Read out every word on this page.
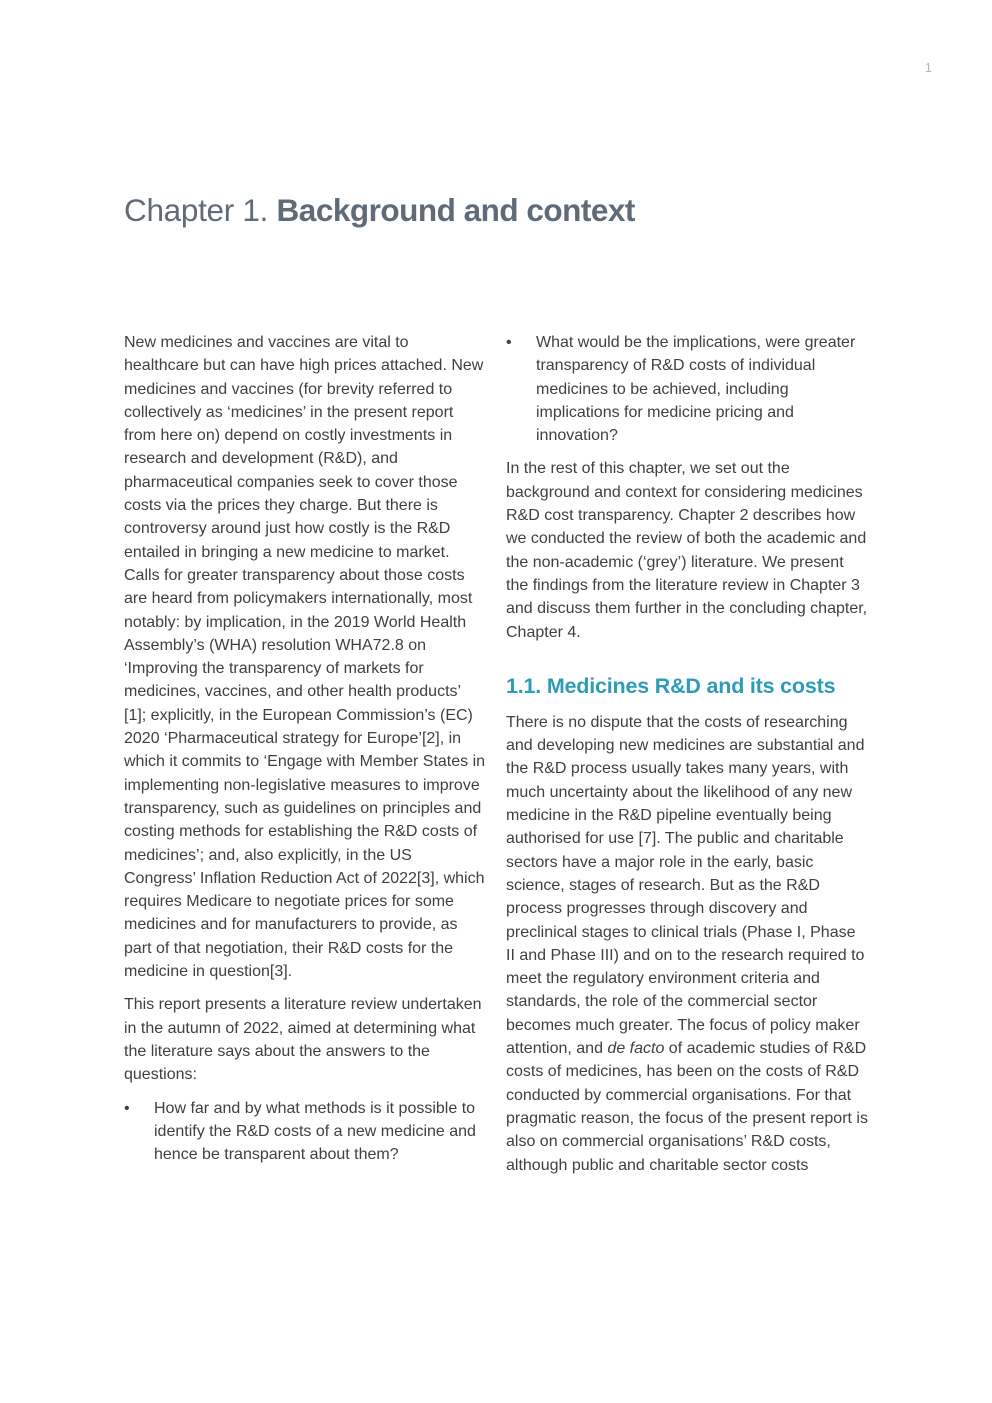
1
Chapter 1. Background and context

New medicines and vaccines are vital to healthcare but can have high prices attached. New medicines and vaccines (for brevity referred to collectively as ‘medicines’ in the present report from here on) depend on costly investments in research and development (R&D), and pharmaceutical companies seek to cover those costs via the prices they charge. But there is controversy around just how costly is the R&D entailed in bringing a new medicine to market. Calls for greater transparency about those costs are heard from policymakers internationally, most notably: by implication, in the 2019 World Health Assembly’s (WHA) resolution WHA72.8 on ‘Improving the transparency of markets for medicines, vaccines, and other health products’ [1]; explicitly, in the European Commission’s (EC) 2020 ‘Pharmaceutical strategy for Europe’[2], in which it commits to ‘Engage with Member States in implementing non-legislative measures to improve transparency, such as guidelines on principles and costing methods for establishing the R&D costs of medicines’; and, also explicitly, in the US Congress’ Inflation Reduction Act of 2022[3], which requires Medicare to negotiate prices for some medicines and for manufacturers to provide, as part of that negotiation, their R&D costs for the medicine in question[3].

This report presents a literature review undertaken in the autumn of 2022, aimed at determining what the literature says about the answers to the questions:

• How far and by what methods is it possible to identify the R&D costs of a new medicine and hence be transparent about them?
• What would be the implications, were greater transparency of R&D costs of individual medicines to be achieved, including implications for medicine pricing and innovation?

In the rest of this chapter, we set out the background and context for considering medicines R&D cost transparency. Chapter 2 describes how we conducted the review of both the academic and the non-academic (‘grey’) literature. We present the findings from the literature review in Chapter 3 and discuss them further in the concluding chapter, Chapter 4.

1.1. Medicines R&D and its costs

There is no dispute that the costs of researching and developing new medicines are substantial and the R&D process usually takes many years, with much uncertainty about the likelihood of any new medicine in the R&D pipeline eventually being authorised for use [7]. The public and charitable sectors have a major role in the early, basic science, stages of research. But as the R&D process progresses through discovery and preclinical stages to clinical trials (Phase I, Phase II and Phase III) and on to the research required to meet the regulatory environment criteria and standards, the role of the commercial sector becomes much greater. The focus of policy maker attention, and de facto of academic studies of R&D costs of medicines, has been on the costs of R&D conducted by commercial organisations. For that pragmatic reason, the focus of the present report is also on commercial organisations’ R&D costs, although public and charitable sector costs
